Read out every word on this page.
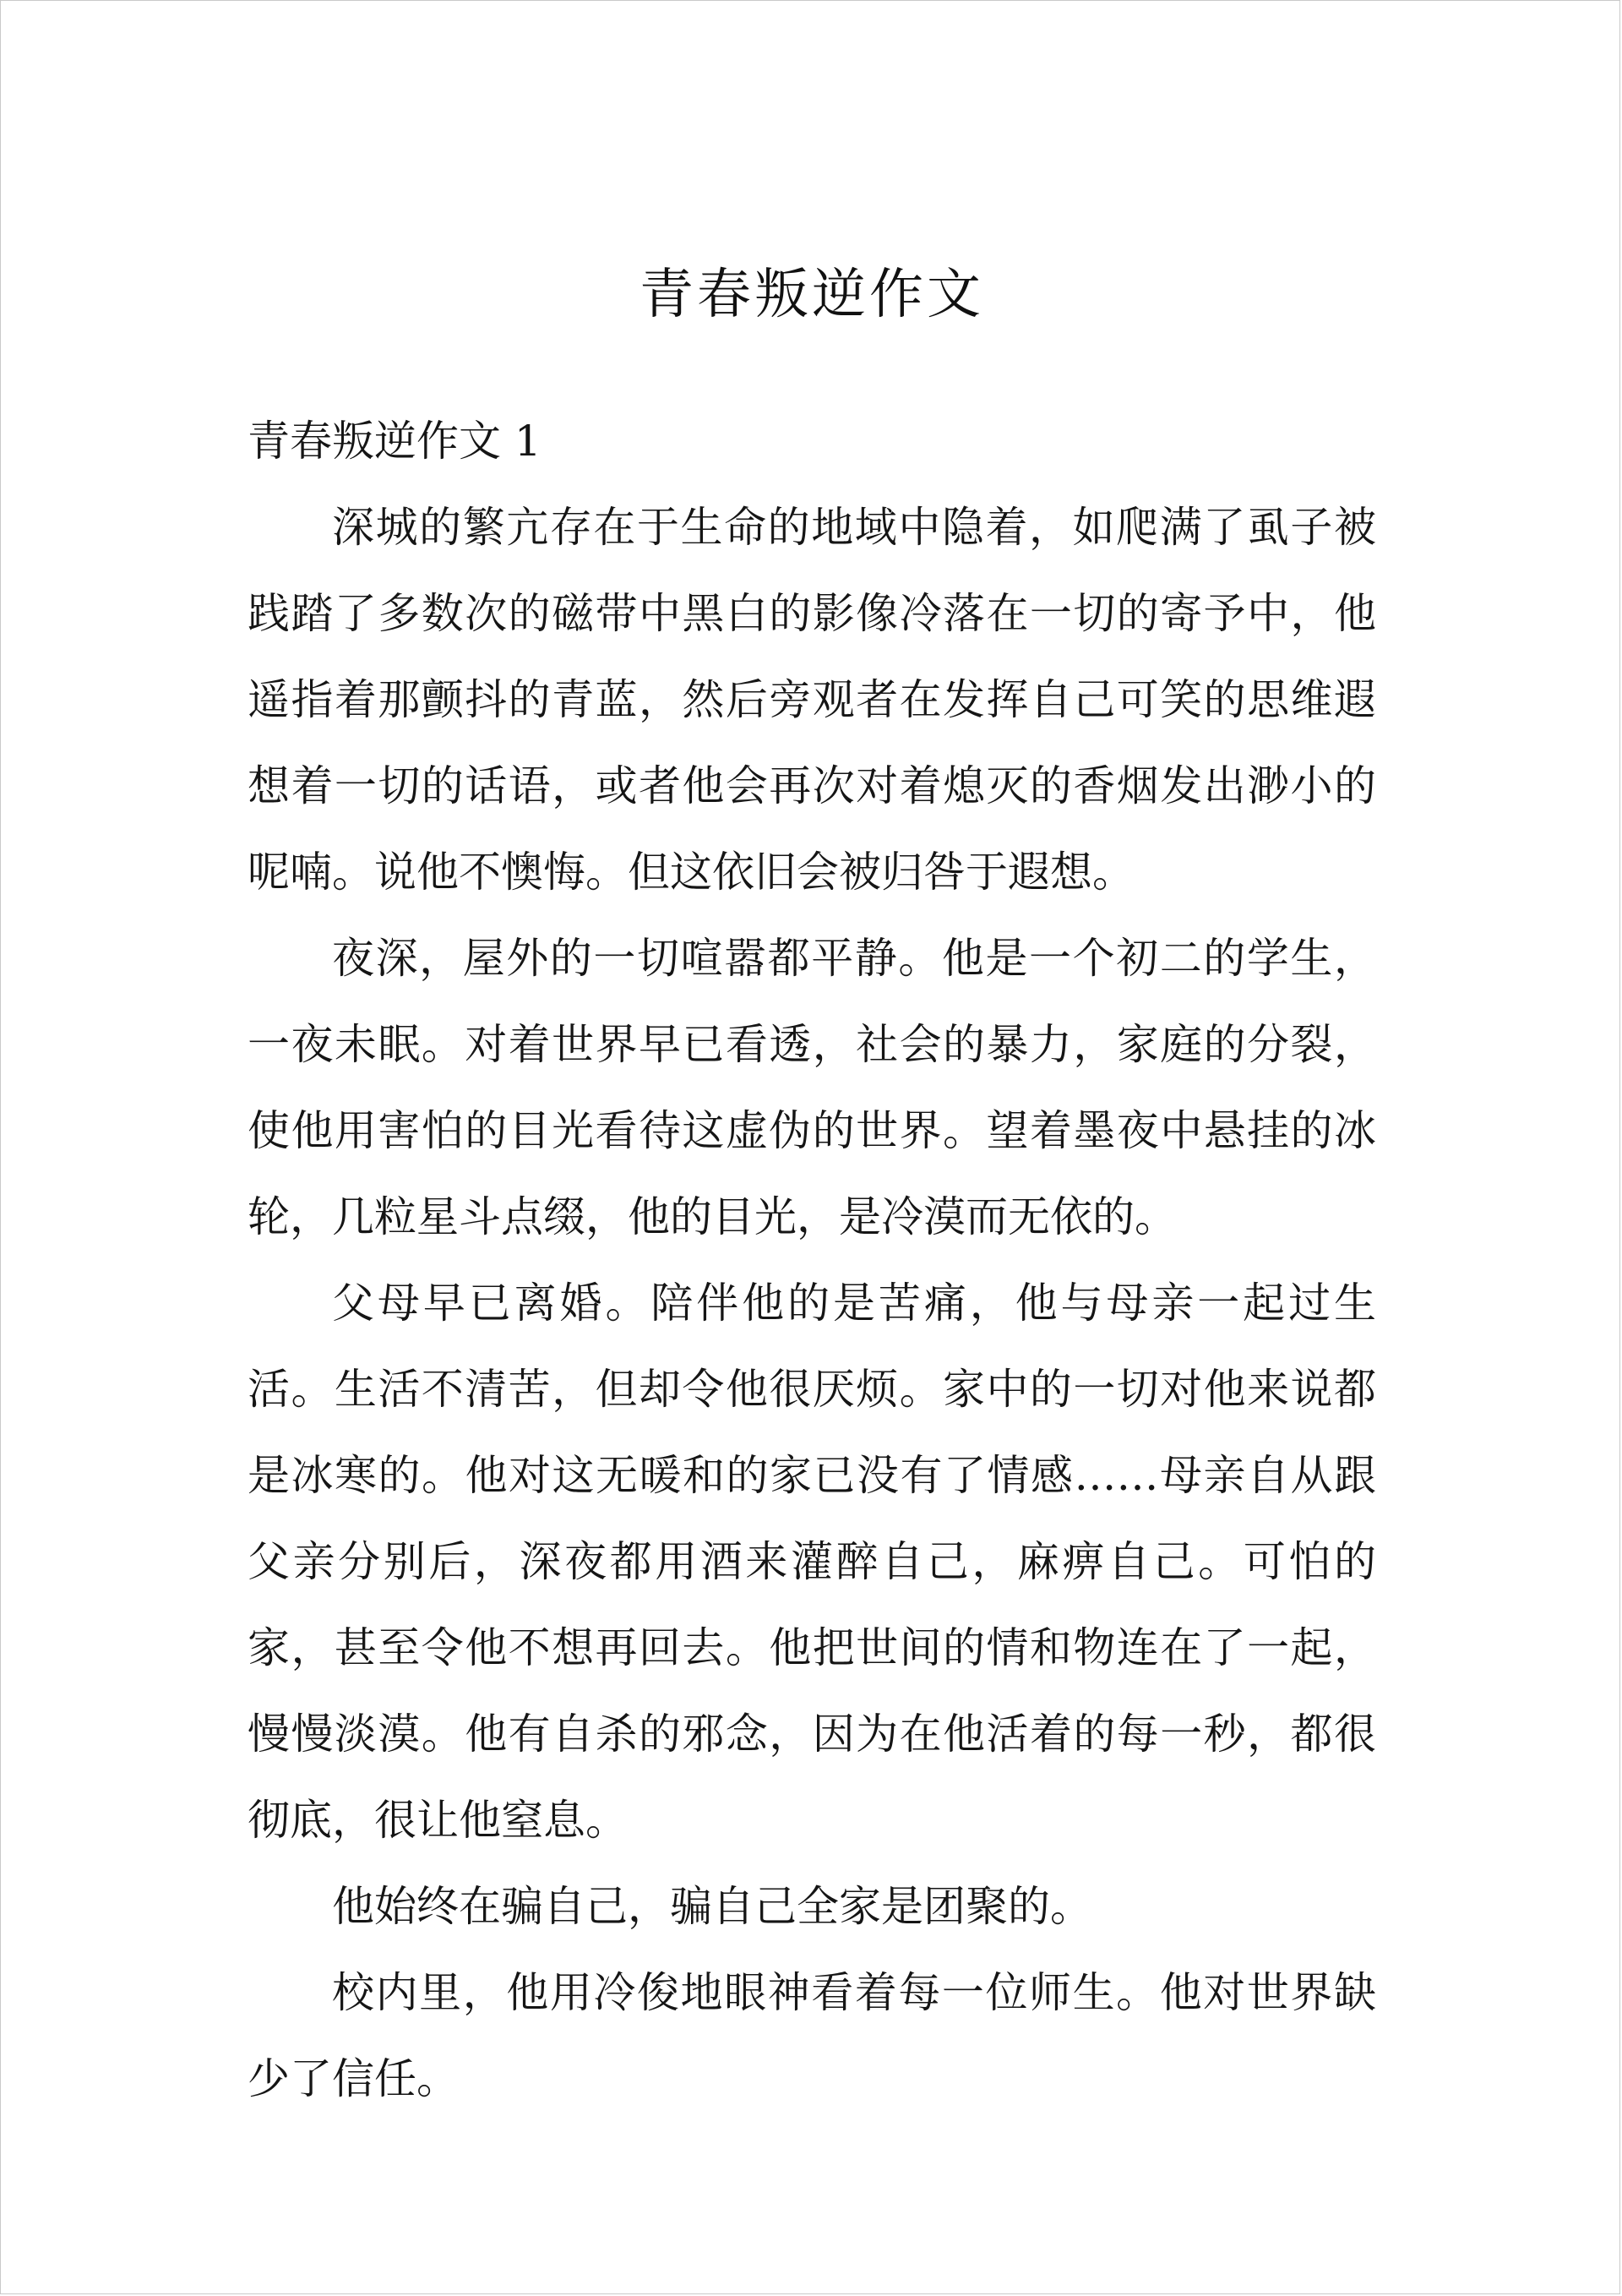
青春叛逆作文

青春叛逆作文 1

深城的繁亢存在于生命的地域中隐着，如爬满了虱子被践踏了多数次的磁带中黑白的影像冷落在一切的寄予中，他遥指着那颤抖的青蓝，然后旁观者在发挥自己可笑的思维遐想着一切的话语，或者他会再次对着熄灭的香烟发出渺小的呢喃。说他不懊悔。但这依旧会被归咎于遐想。

夜深，屋外的一切喧嚣都平静。他是一个初二的学生，一夜未眠。对着世界早已看透，社会的暴力，家庭的分裂，使他用害怕的目光看待这虚伪的世界。望着墨夜中悬挂的冰轮，几粒星斗点缀，他的目光，是冷漠而无依的。

父母早已离婚。陪伴他的是苦痛，他与母亲一起过生活。生活不清苦，但却令他很厌烦。家中的一切对他来说都是冰寒的。他对这无暖和的家已没有了情感……母亲自从跟父亲分别后，深夜都用酒来灌醉自己，麻痹自己。可怕的家，甚至令他不想再回去。他把世间的情和物连在了一起，慢慢淡漠。他有自杀的邪念，因为在他活着的每一秒，都很彻底，很让他窒息。

他始终在骗自己，骗自己全家是团聚的。

校内里，他用冷俊地眼神看着每一位师生。他对世界缺少了信任。
